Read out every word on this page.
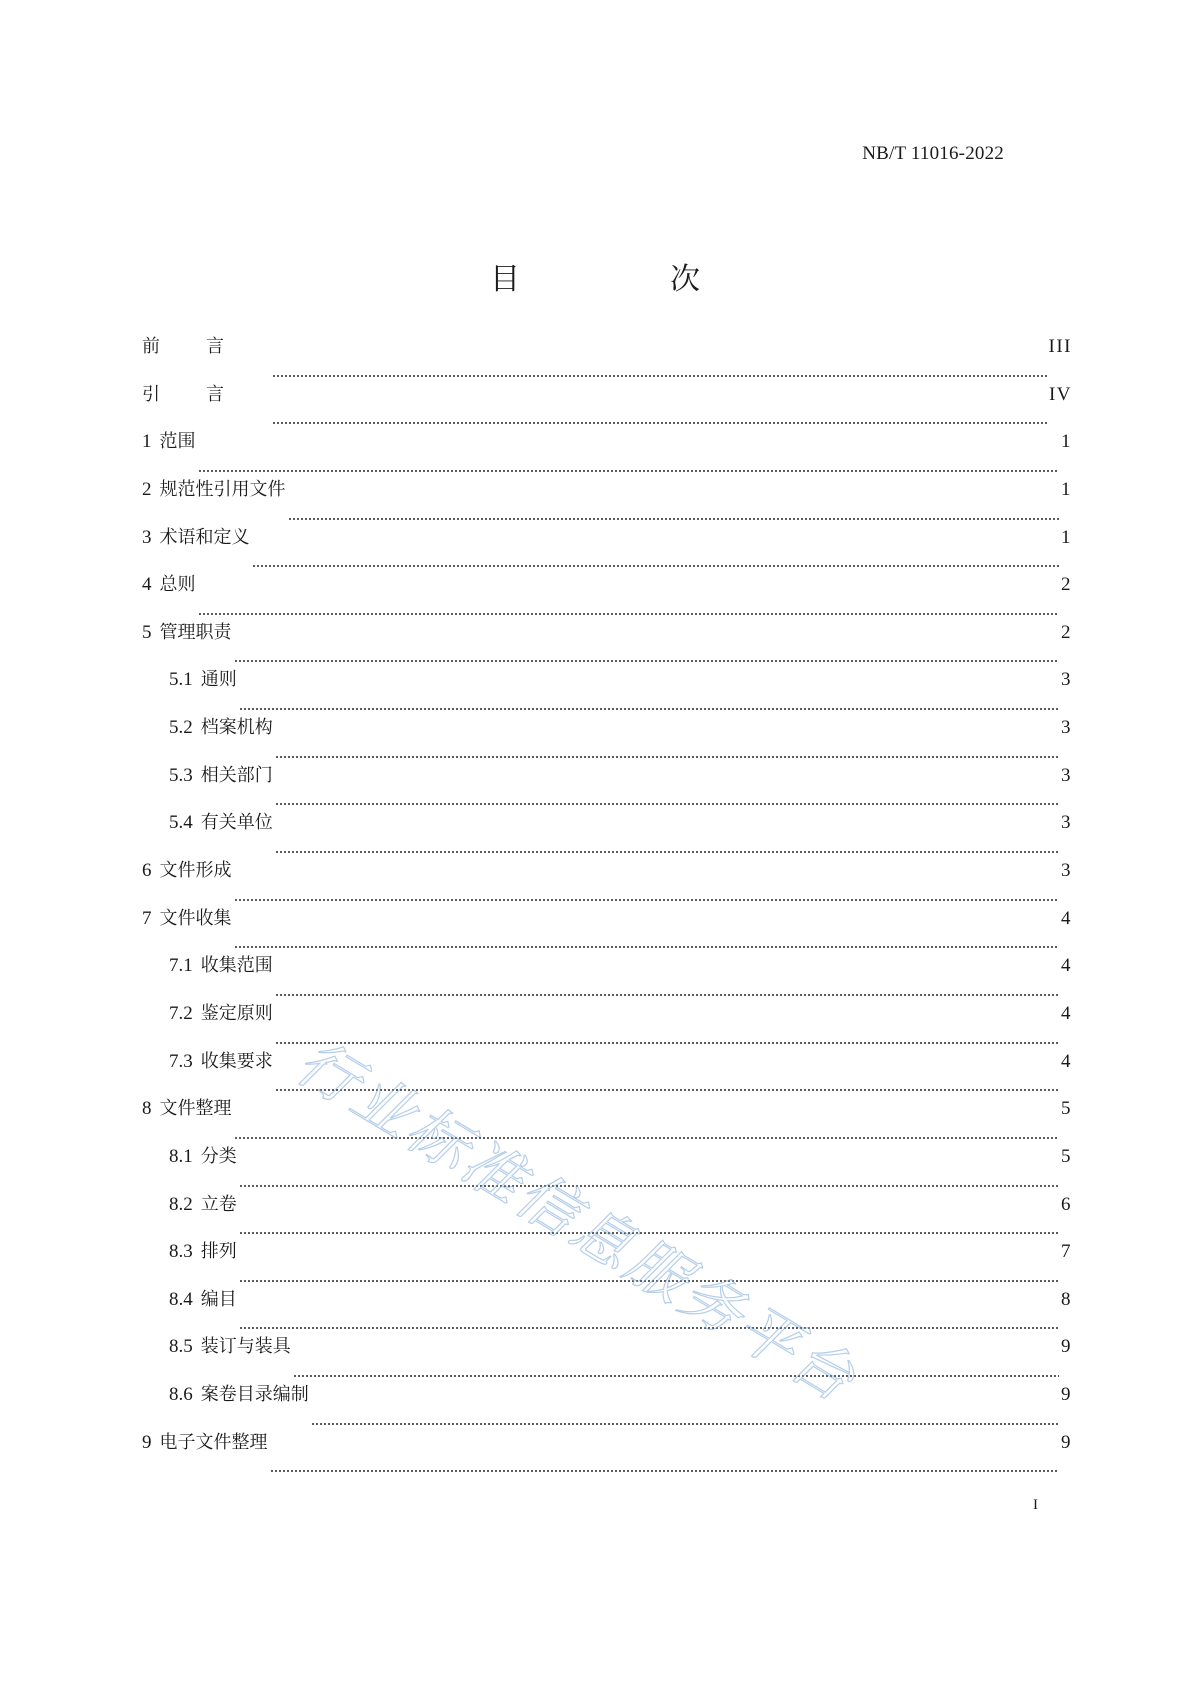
NB/T 11016-2022
目　次
前言	III
引言	IV
1 范围	1
2 规范性引用文件	1
3 术语和定义	1
4 总则	2
5 管理职责	2
5.1 通则	3
5.2 档案机构	3
5.3 相关部门	3
5.4 有关单位	3
6 文件形成	3
7 文件收集	4
7.1 收集范围	4
7.2 鉴定原则	4
7.3 收集要求	4
8 文件整理	5
8.1 分类	5
8.2 立卷	6
8.3 排列	7
8.4 编目	8
8.5 装订与装具	9
8.6 案卷目录编制	9
9 电子文件整理	9
I
行业标准信息服务平台
